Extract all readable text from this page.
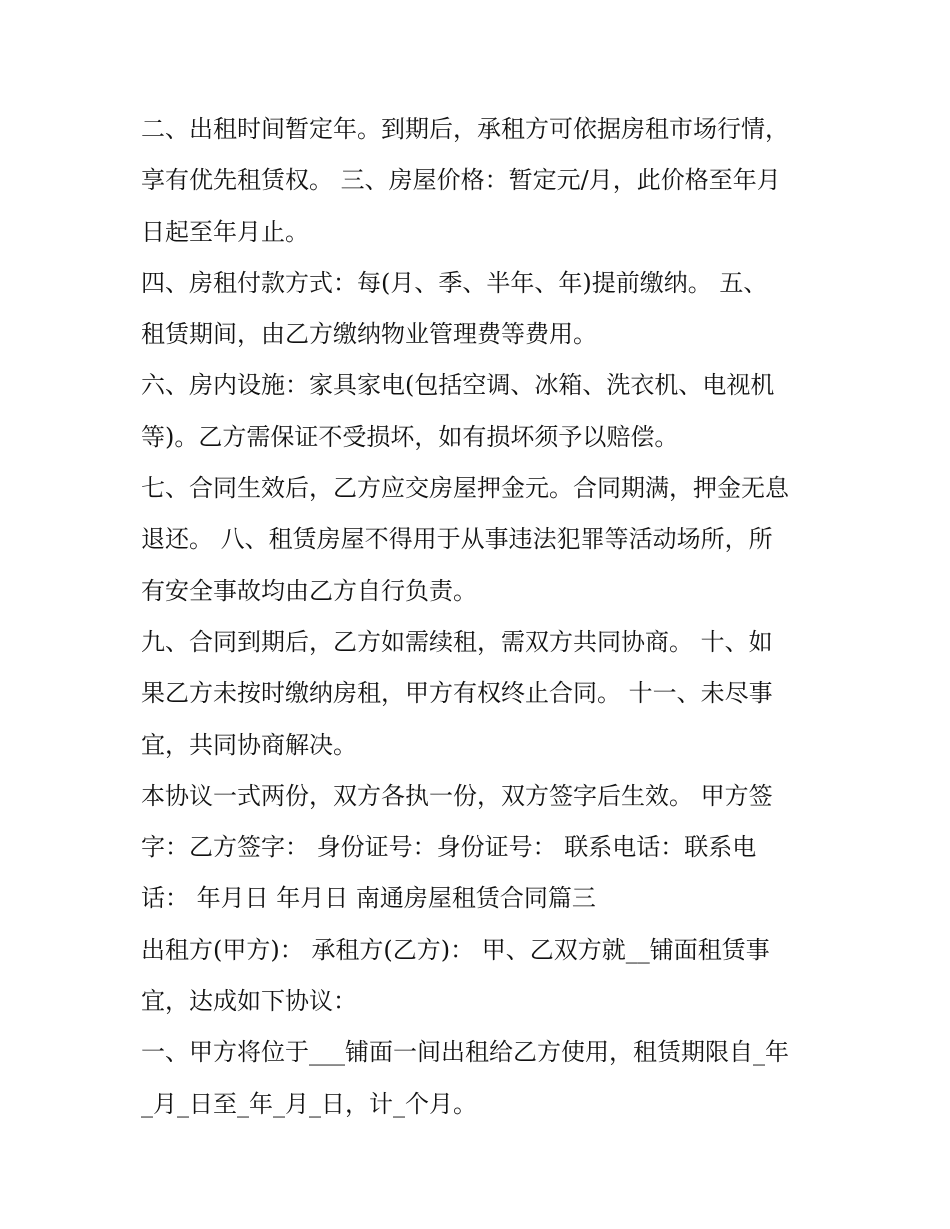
二、出租时间暂定年。到期后，承租方可依据房租市场行情，
享有优先租赁权。 三、房屋价格：暂定元/月，此价格至年月
日起至年月止。
四、房租付款方式：每(月、季、半年、年)提前缴纳。 五、
租赁期间，由乙方缴纳物业管理费等费用。
六、房内设施：家具家电(包括空调、冰箱、洗衣机、电视机
等)。乙方需保证不受损坏，如有损坏须予以赔偿。
七、合同生效后，乙方应交房屋押金元。合同期满，押金无息
退还。 八、租赁房屋不得用于从事违法犯罪等活动场所，所
有安全事故均由乙方自行负责。
九、合同到期后，乙方如需续租，需双方共同协商。 十、如
果乙方未按时缴纳房租，甲方有权终止合同。 十一、未尽事
宜，共同协商解决。
本协议一式两份，双方各执一份，双方签字后生效。 甲方签
字：乙方签字： 身份证号：身份证号： 联系电话：联系电
话： 年月日 年月日 南通房屋租赁合同篇三
出租方(甲方)： 承租方(乙方)： 甲、乙双方就__铺面租赁事
宜，达成如下协议：
一、甲方将位于___铺面一间出租给乙方使用，租赁期限自_年
_月_日至_年_月_日，计_个月。
